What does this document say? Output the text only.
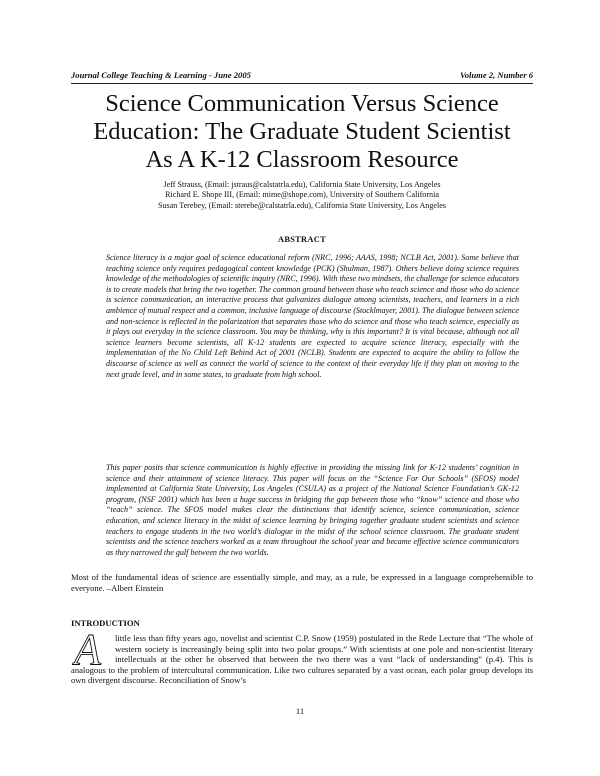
Journal College Teaching & Learning - June 2005	Volume 2, Number 6
Science Communication Versus Science
Education: The Graduate Student Scientist
As A K-12 Classroom Resource
Jeff Strauss, (Email: jstraus@calstatrla.edu), California State University, Los Angeles
Richard E. Shope III, (Email: mime@shope.com), University of Southern California
Susan Terebey, (Email: sterebe@calstatrla.edu), California State University, Los Angeles
ABSTRACT

Science literacy is a major goal of science educational reform (NRC, 1996; AAAS, 1998; NCLB Act, 2001). Some believe that teaching science only requires pedagogical content knowledge (PCK) (Shulman, 1987). Others believe doing science requires knowledge of the methodologies of scientific inquiry (NRC, 1996). With these two mindsets, the challenge for science educators is to create models that bring the two together. The common ground between those who teach science and those who do science is science communication, an interactive process that galvanizes dialogue among scientists, teachers, and learners in a rich ambience of mutual respect and a common, inclusive language of discourse (Stocklmayer, 2001). The dialogue between science and non-science is reflected in the polarization that separates those who do science and those who teach science, especially as it plays out everyday in the science classroom. You may be thinking, why is this important? It is vital because, although not all science learners become scientists, all K-12 students are expected to acquire science literacy, especially with the implementation of the No Child Left Behind Act of 2001 (NCLB). Students are expected to acquire the ability to follow the discourse of science as well as connect the world of science to the context of their everyday life if they plan on moving to the next grade level, and in some states, to graduate from high school.

This paper posits that science communication is highly effective in providing the missing link for K-12 students’ cognition in science and their attainment of science literacy. This paper will focus on the “Science For Our Schools” (SFOS) model implemented at California State University, Los Angeles (CSULA) as a project of the National Science Foundation’s GK-12 program, (NSF 2001) which has been a huge success in bridging the gap between those who “know” science and those who “teach” science. The SFOS model makes clear the distinctions that identify science, science communication, science education, and science literacy in the midst of science learning by bringing together graduate student scientists and science teachers to engage students in the two world’s dialogue in the midst of the school science classroom. The graduate student scientists and the science teachers worked as a team throughout the school year and became effective science communicators as they narrowed the gulf between the two worlds.

Most of the fundamental ideas of science are essentially simple, and may, as a rule, be expressed in a language comprehensible to everyone. –Albert Einstein

INTRODUCTION
A	little less than fifty years ago, novelist and scientist C.P. Snow (1959) postulated in the Rede Lecture that “The whole of western society is increasingly being split into two polar groups.” With scientists at one pole and non-scientist literary intellectuals at the other he observed that between the two there was a vast “lack of understanding” (p.4). This is analogous to the problem of intercultural communication. Like two cultures separated by a vast ocean, each polar group develops its own divergent discourse. Reconciliation of Snow’s

11
